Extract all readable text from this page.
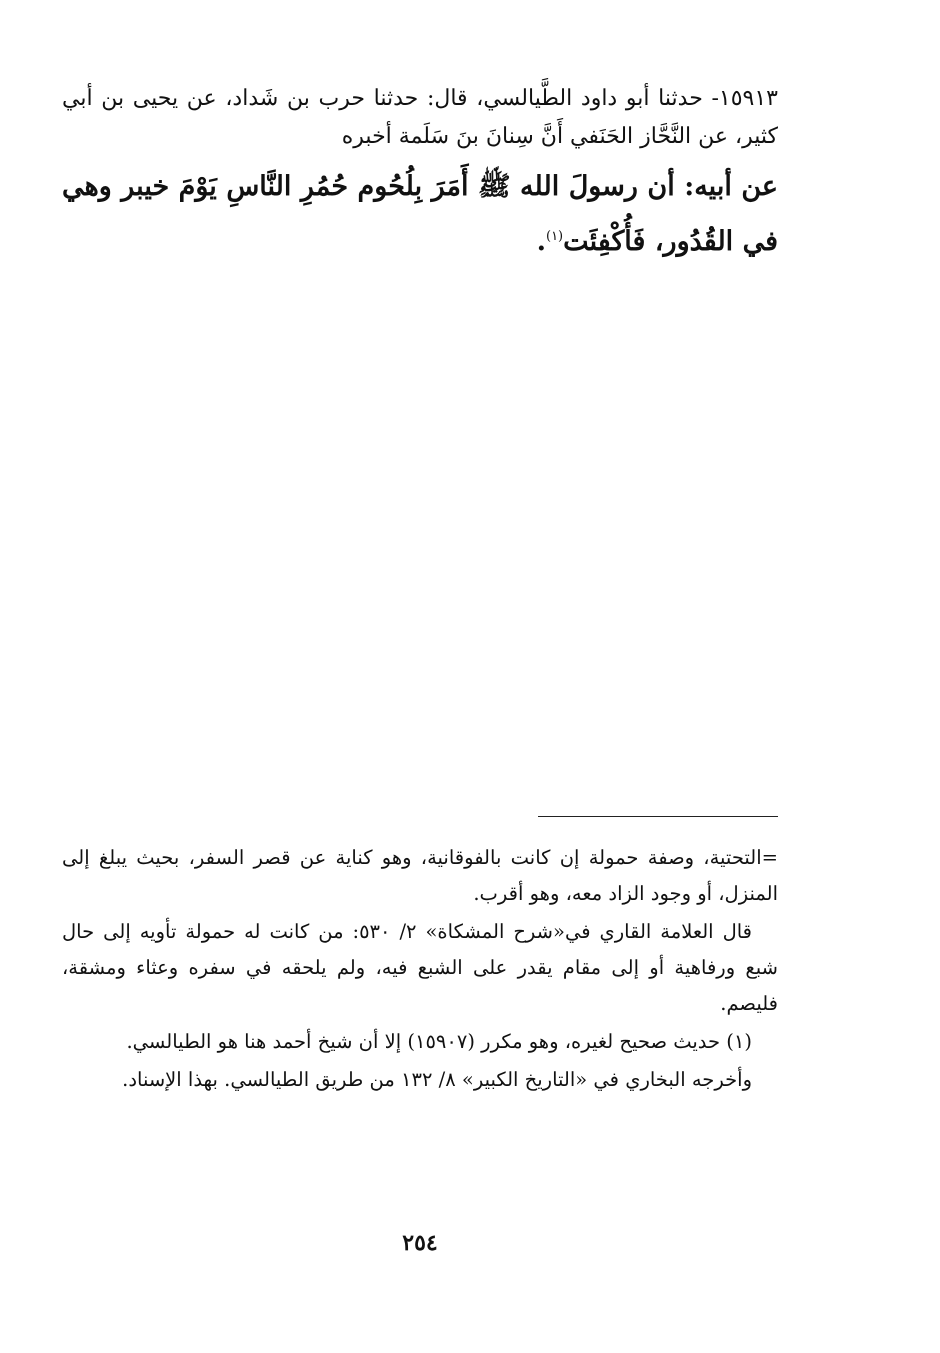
١٥٩١٣- حدثنا أبو داود الطَّيالسي، قال: حدثنا حرب بن شَداد، عن يحيى بن أبي كثير، عن النَّحَّاز الحَنَفي أَنَّ سِنانَ بنَ سَلَمة أخبره

عن أبيه: أن رسولَ الله ﷺ أَمَرَ بِلُحُوم حُمُرِ النَّاسِ يَوْمَ خيبر وهي في القُدُور، فَأُكْفِئَت$^{(١)}$.

=التحتية، وصفة حمولة إن كانت بالفوقانية، وهو كناية عن قصر السفر، بحيث يبلغ إلى المنزل، أو وجود الزاد معه، وهو أقرب.

قال العلامة القاري في«شرح المشكاة» ٢/ ٥٣٠: من كانت له حمولة تأويه إلى حال شبع ورفاهية أو إلى مقام يقدر على الشبع فيه، ولم يلحقه في سفره وعثاء ومشقة، فليصم.

(١) حديث صحيح لغيره، وهو مكرر (١٥٩٠٧) إلا أن شيخ أحمد هنا هو الطيالسي.

وأخرجه البخاري في «التاريخ الكبير» ٨/ ١٣٢ من طريق الطيالسي. بهذا الإسناد.

٢٥٤
